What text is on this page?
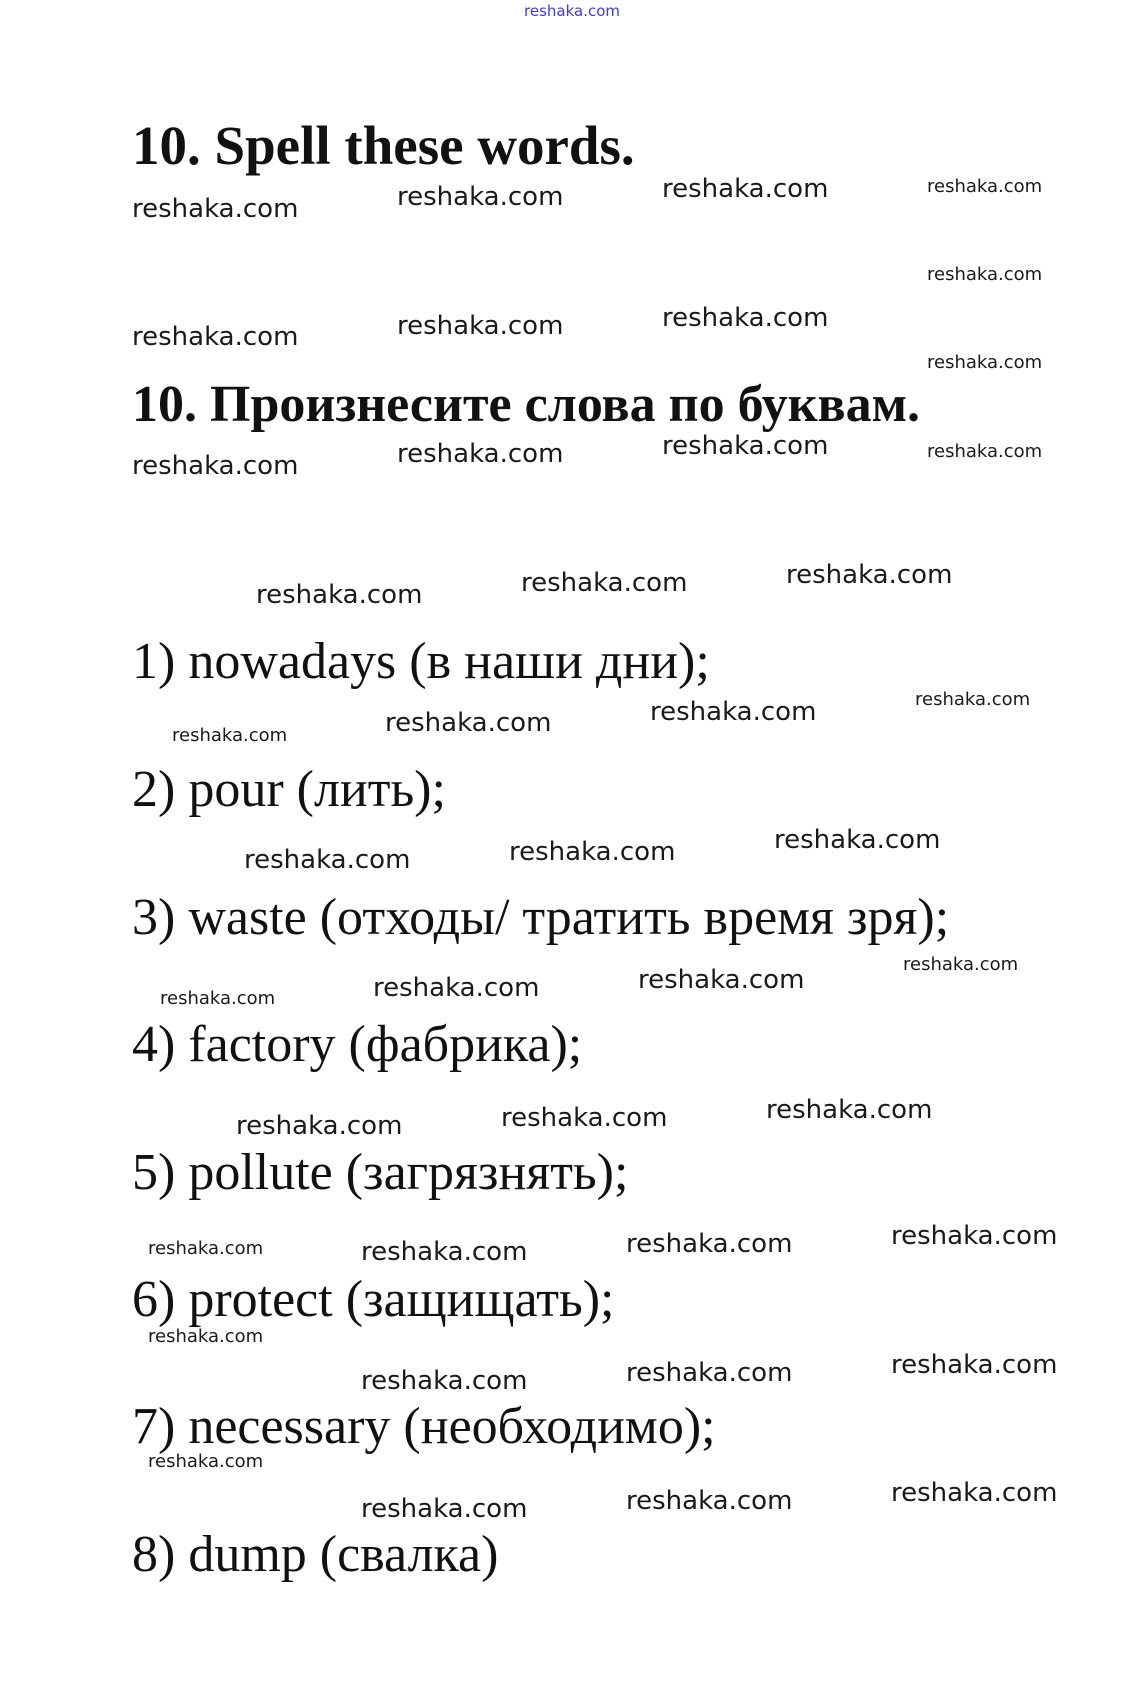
reshaka.com
10. Spell these words.
10. Произнесите слова по буквам.

1) nowadays (в наши дни);

2) pour (лить);

3) waste (отходы/ тратить время зря);

4) factory (фабрика);

5) pollute (загрязнять);

6) protect (защищать);

7) necessary (необходимо);

8) dump (свалка)

reshaka.com	reshaka.com	reshaka.com	reshaka.com
reshaka.com
reshaka.com	reshaka.com	reshaka.com
reshaka.com
reshaka.com	reshaka.com	reshaka.com	reshaka.com
reshaka.com	reshaka.com	reshaka.com
reshaka.com	reshaka.com	reshaka.com	reshaka.com
reshaka.com	reshaka.com	reshaka.com
reshaka.com	reshaka.com	reshaka.com
reshaka.com
reshaka.com	reshaka.com	reshaka.com
reshaka.com	reshaka.com	reshaka.com	reshaka.com
reshaka.com
reshaka.com	reshaka.com	reshaka.com
reshaka.com
reshaka.com	reshaka.com	reshaka.com
